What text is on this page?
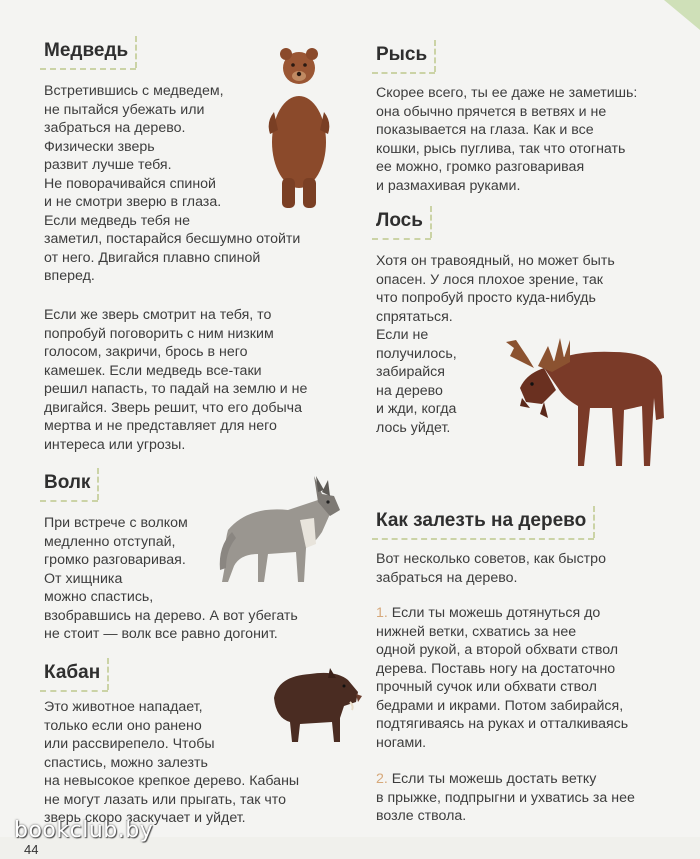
Медведь
Встретившись с медведем,
не пытайся убежать или
забраться на дерево.
Физически зверь
развит лучше тебя.
Не поворачивайся спиной
и не смотри зверю в глаза.
Если медведь тебя не
заметил, постарайся бесшумно отойти
от него. Двигайся плавно спиной
вперед.
Если же зверь смотрит на тебя, то
попробуй поговорить с ним низким
голосом, закричи, брось в него
камешек. Если медведь все-таки
решил напасть, то падай на землю и не
двигайся. Зверь решит, что его добыча
мертва и не представляет для него
интереса или угрозы.
Волк
При встрече с волком
медленно отступай,
громко разговаривая.
От хищника
можно спастись,
взобравшись на дерево. А вот убегать
не стоит — волк все равно догонит.
Кабан
Это животное нападает,
только если оно ранено
или рассвирепело. Чтобы
спастись, можно залезть
на невысокое крепкое дерево. Кабаны
не могут лазать или прыгать, так что
зверь скоро заскучает и уйдет.
Рысь
Скорее всего, ты ее даже не заметишь:
она обычно прячется в ветвях и не
показывается на глаза. Как и все
кошки, рысь пуглива, так что отогнать
ее можно, громко разговаривая
и размахивая руками.
Лось
Хотя он травоядный, но может быть
опасен. У лося плохое зрение, так
что попробуй просто куда-нибудь
спрятаться.
Если не
получилось,
забирайся
на дерево
и жди, когда
лось уйдет.
Как залезть на дерево
Вот несколько советов, как быстро
забраться на дерево.
1. Если ты можешь дотянуться до
нижней ветки, схватись за нее
одной рукой, а второй обхвати ствол
дерева. Поставь ногу на достаточно
прочный сучок или обхвати ствол
бедрами и икрами. Потом забирайся,
подтягиваясь на руках и отталкиваясь
ногами.
2. Если ты можешь достать ветку
в прыжке, подпрыгни и ухватись за нее
возле ствола.
44
bookclub.by
